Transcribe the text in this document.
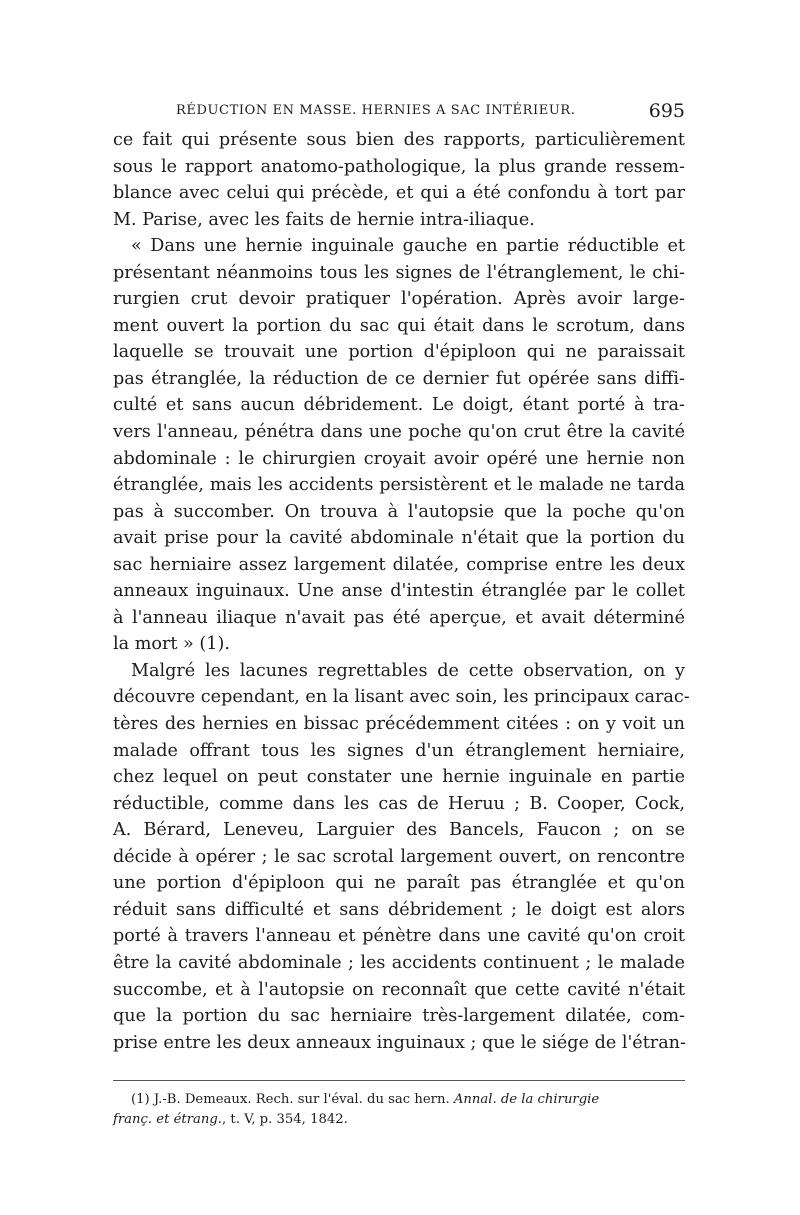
RÉDUCTION EN MASSE. HERNIES A SAC INTÉRIEUR.	695
ce fait qui présente sous bien des rapports, particulièrement
sous le rapport anatomo-pathologique, la plus grande ressem-
blance avec celui qui précède, et qui a été confondu à tort par
M. Parise, avec les faits de hernie intra-iliaque.
« Dans une hernie inguinale gauche en partie réductible et
présentant néanmoins tous les signes de l'étranglement, le chi-
rurgien crut devoir pratiquer l'opération. Après avoir large-
ment ouvert la portion du sac qui était dans le scrotum, dans
laquelle se trouvait une portion d'épiploon qui ne paraissait
pas étranglée, la réduction de ce dernier fut opérée sans diffi-
culté et sans aucun débridement. Le doigt, étant porté à tra-
vers l'anneau, pénétra dans une poche qu'on crut être la cavité
abdominale : le chirurgien croyait avoir opéré une hernie non
étranglée, mais les accidents persistèrent et le malade ne tarda
pas à succomber. On trouva à l'autopsie que la poche qu'on
avait prise pour la cavité abdominale n'était que la portion du
sac herniaire assez largement dilatée, comprise entre les deux
anneaux inguinaux. Une anse d'intestin étranglée par le collet
à l'anneau iliaque n'avait pas été aperçue, et avait déterminé
la mort » (1).
Malgré les lacunes regrettables de cette observation, on y
découvre cependant, en la lisant avec soin, les principaux carac-
tères des hernies en bissac précédemment citées : on y voit un
malade offrant tous les signes d'un étranglement herniaire,
chez lequel on peut constater une hernie inguinale en partie
réductible, comme dans les cas de Heruu ; B. Cooper, Cock,
A. Bérard, Leneveu, Larguier des Bancels, Faucon ; on se
décide à opérer ; le sac scrotal largement ouvert, on rencontre
une portion d'épiploon qui ne paraît pas étranglée et qu'on
réduit sans difficulté et sans débridement ; le doigt est alors
porté à travers l'anneau et pénètre dans une cavité qu'on croit
être la cavité abdominale ; les accidents continuent ; le malade
succombe, et à l'autopsie on reconnaît que cette cavité n'était
que la portion du sac herniaire très-largement dilatée, com-
prise entre les deux anneaux inguinaux ; que le siége de l'étran-
(1) J.-B. Demeaux. Rech. sur l'éval. du sac hern. Annal. de la chirurgie
franç. et étrang., t. V, p. 354, 1842.
